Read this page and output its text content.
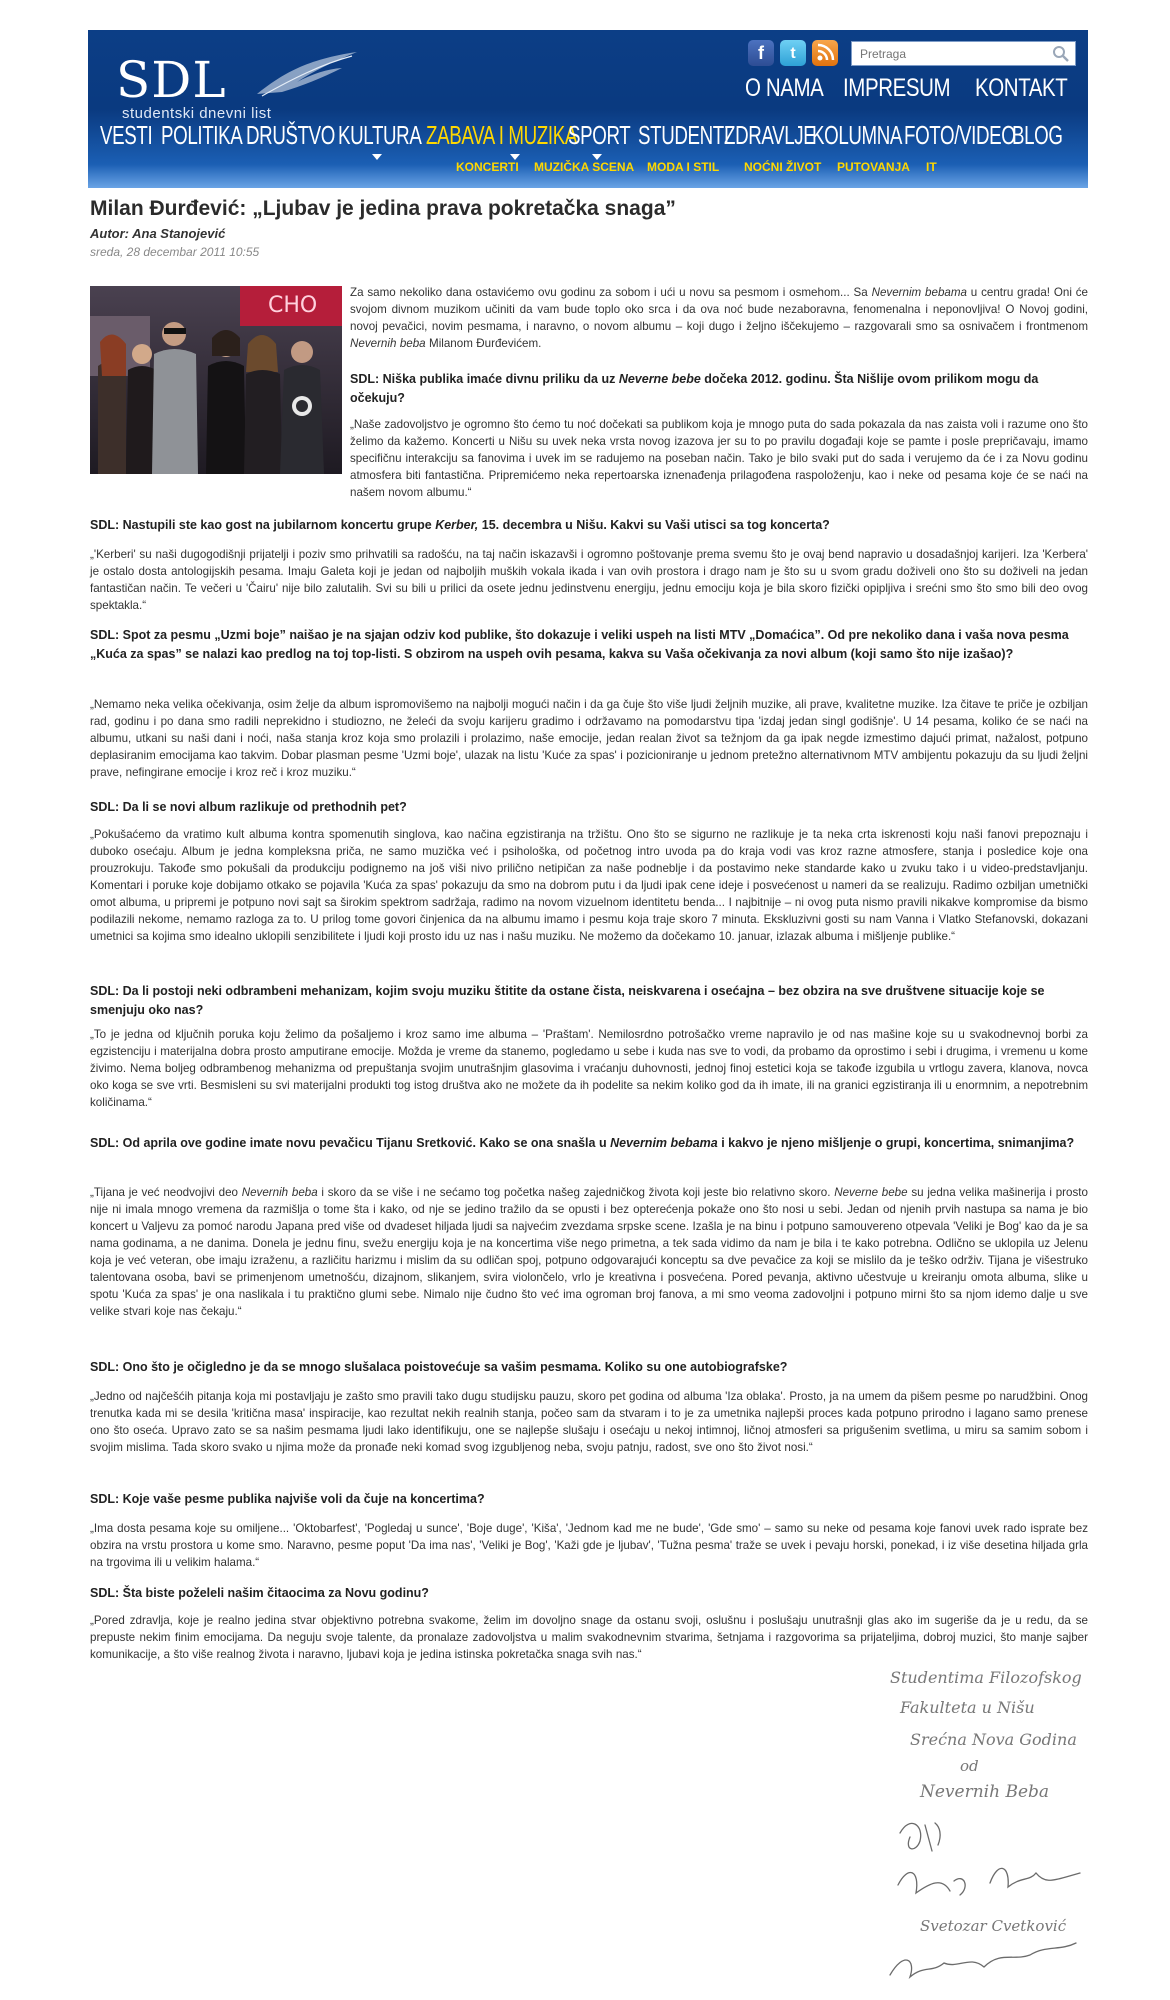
SDL
studentski dnevni list
f	t
Pretraga
O NAMA IMPRESUM KONTAKT
VESTI POLITIKA DRUŠTVO KULTURA ZABAVA I MUZIKA
SPORT STUDENTI
ZDRAVLJE
KOLUMNA FOTO/VIDEO
BLOG
KONCERTI MUZIČKA SCENA MODA I STIL NOĆNI ŽIVOT PUTOVANJA IT
Milan Đurđević: „Ljubav je jedina prava pokretačka snaga”
Autor: Ana Stanojević
sreda, 28 decembar 2011 10:55
CHO

Za samo nekoliko dana ostavićemo ovu godinu za sobom i ući u novu sa pesmom i osmehom... Sa Nevernim bebama u centru grada! Oni će svojom divnom muzikom učiniti da vam bude toplo oko srca i da ova noć bude nezaboravna, fenomenalna i neponovljiva! O Novoj godini, novoj pevačici, novim pesmama, i naravno, o novom albumu – koji dugo i željno iščekujemo – razgovarali smo sa osnivačem i frontmenom Nevernih beba Milanom Đurđevićem.

SDL: Niška publika imaće divnu priliku da uz Neverne bebe dočeka 2012. godinu. Šta Nišlije ovom prilikom mogu da očekuju?

„Naše zadovoljstvo je ogromno što ćemo tu noć dočekati sa publikom koja je mnogo puta do sada pokazala da nas zaista voli i razume ono što želimo da kažemo. Koncerti u Nišu su uvek neka vrsta novog izazova jer su to po pravilu događaji koje se pamte i posle prepričavaju, imamo specifičnu interakciju sa fanovima i uvek im se radujemo na poseban način. Tako je bilo svaki put do sada i verujemo da će i za Novu godinu atmosfera biti fantastična. Pripremićemo neka repertoarska iznenađenja prilagođena raspoloženju, kao i neke od pesama koje će se naći na našem novom albumu.“

SDL: Nastupili ste kao gost na jubilarnom koncertu grupe Kerber, 15. decembra u Nišu. Kakvi su Vaši utisci sa tog koncerta?

„'Kerberi' su naši dugogodišnji prijatelji i poziv smo prihvatili sa radošću, na taj način iskazavši i ogromno poštovanje prema svemu što je ovaj bend napravio u dosadašnjoj karijeri. Iza 'Kerbera' je ostalo dosta antologijskih pesama. Imaju Galeta koji je jedan od najboljih muških vokala ikada i van ovih prostora i drago nam je što su u svom gradu doživeli ono što su doživeli na jedan fantastičan način. Te večeri u 'Čairu' nije bilo zalutalih. Svi su bili u prilici da osete jednu jedinstvenu energiju, jednu emociju koja je bila skoro fizički opipljiva i srećni smo što smo bili deo ovog spektakla.“

SDL: Spot za pesmu „Uzmi boje” naišao je na sjajan odziv kod publike, što dokazuje i veliki uspeh na listi MTV „Domaćica”. Od pre nekoliko dana i vaša nova pesma „Kuća za spas” se nalazi kao predlog na toj top-listi. S obzirom na uspeh ovih pesama, kakva su Vaša očekivanja za novi album (koji samo što nije izašao)?

„Nemamo neka velika očekivanja, osim želje da album ispromovišemo na najbolji mogući način i da ga čuje što više ljudi željnih muzike, ali prave, kvalitetne muzike. Iza čitave te priče je ozbiljan rad, godinu i po dana smo radili neprekidno i studiozno, ne želeći da svoju karijeru gradimo i održavamo na pomodarstvu tipa 'izdaj jedan singl godišnje'. U 14 pesama, koliko će se naći na albumu, utkani su naši dani i noći, naša stanja kroz koja smo prolazili i prolazimo, naše emocije, jedan realan život sa težnjom da ga ipak negde izmestimo dajući primat, nažalost, potpuno deplasiranim emocijama kao takvim. Dobar plasman pesme 'Uzmi boje', ulazak na listu 'Kuće za spas' i pozicioniranje u jednom pretežno alternativnom MTV ambijentu pokazuju da su ljudi željni prave, nefingirane emocije i kroz reč i kroz muziku.“

SDL: Da li se novi album razlikuje od prethodnih pet?

„Pokušaćemo da vratimo kult albuma kontra spomenutih singlova, kao načina egzistiranja na tržištu. Ono što se sigurno ne razlikuje je ta neka crta iskrenosti koju naši fanovi prepoznaju i duboko osećaju. Album je jedna kompleksna priča, ne samo muzička već i psihološka, od početnog intro uvoda pa do kraja vodi vas kroz razne atmosfere, stanja i posledice koje ona prouzrokuju. Takođe smo pokušali da produkciju podignemo na još viši nivo prilično netipičan za naše podneblje i da postavimo neke standarde kako u zvuku tako i u video-predstavljanju. Komentari i poruke koje dobijamo otkako se pojavila 'Kuća za spas' pokazuju da smo na dobrom putu i da ljudi ipak cene ideje i posvećenost u nameri da se realizuju. Radimo ozbiljan umetnički omot albuma, u pripremi je potpuno novi sajt sa širokim spektrom sadržaja, radimo na novom vizuelnom identitetu benda... I najbitnije – ni ovog puta nismo pravili nikakve kompromise da bismo podilazili nekome, nemamo razloga za to. U prilog tome govori činjenica da na albumu imamo i pesmu koja traje skoro 7 minuta. Ekskluzivni gosti su nam Vanna i Vlatko Stefanovski, dokazani umetnici sa kojima smo idealno uklopili senzibilitete i ljudi koji prosto idu uz nas i našu muziku. Ne možemo da dočekamo 10. januar, izlazak albuma i mišljenje publike.“

SDL: Da li postoji neki odbrambeni mehanizam, kojim svoju muziku štitite da ostane čista, neiskvarena i osećajna – bez obzira na sve društvene situacije koje se smenjuju oko nas?

„To je jedna od ključnih poruka koju želimo da pošaljemo i kroz samo ime albuma – 'Praštam'. Nemilosrdno potrošačko vreme napravilo je od nas mašine koje su u svakodnevnoj borbi za egzistenciju i materijalna dobra prosto amputirane emocije. Možda je vreme da stanemo, pogledamo u sebe i kuda nas sve to vodi, da probamo da oprostimo i sebi i drugima, i vremenu u kome živimo. Nema boljeg odbrambenog mehanizma od prepuštanja svojim unutrašnjim glasovima i vraćanju duhovnosti, jednoj finoj estetici koja se takođe izgubila u vrtlogu zavera, klanova, novca oko koga se sve vrti. Besmisleni su svi materijalni produkti tog istog društva ako ne možete da ih podelite sa nekim koliko god da ih imate, ili na granici egzistiranja ili u enormnim, a nepotrebnim količinama.“

SDL: Od aprila ove godine imate novu pevačicu Tijanu Sretković. Kako se ona snašla u Nevernim bebama i kakvo je njeno mišljenje o grupi, koncertima, snimanjima?

„Tijana je već neodvojivi deo Nevernih beba i skoro da se više i ne sećamo tog početka našeg zajedničkog života koji jeste bio relativno skoro. Neverne bebe su jedna velika mašinerija i prosto nije ni imala mnogo vremena da razmišlja o tome šta i kako, od nje se jedino tražilo da se opusti i bez opterećenja pokaže ono što nosi u sebi. Jedan od njenih prvih nastupa sa nama je bio koncert u Valjevu za pomoć narodu Japana pred više od dvadeset hiljada ljudi sa najvećim zvezdama srpske scene. Izašla je na binu i potpuno samouvereno otpevala 'Veliki je Bog' kao da je sa nama godinama, a ne danima. Donela je jednu finu, svežu energiju koja je na koncertima više nego primetna, a tek sada vidimo da nam je bila i te kako potrebna. Odlično se uklopila uz Jelenu koja je već veteran, obe imaju izraženu, a različitu harizmu i mislim da su odličan spoj, potpuno odgovarajući konceptu sa dve pevačice za koji se mislilo da je teško održiv. Tijana je višestruko talentovana osoba, bavi se primenjenom umetnošću, dizajnom, slikanjem, svira violončelo, vrlo je kreativna i posvećena. Pored pevanja, aktivno učestvuje u kreiranju omota albuma, slike u spotu 'Kuća za spas' je ona naslikala i tu praktično glumi sebe. Nimalo nije čudno što već ima ogroman broj fanova, a mi smo veoma zadovoljni i potpuno mirni što sa njom idemo dalje u sve velike stvari koje nas čekaju.“

SDL: Ono što je očigledno je da se mnogo slušalaca poistovećuje sa vašim pesmama. Koliko su one autobiografske?

„Jedno od najčešćih pitanja koja mi postavljaju je zašto smo pravili tako dugu studijsku pauzu, skoro pet godina od albuma 'Iza oblaka'. Prosto, ja na umem da pišem pesme po narudžbini. Onog trenutka kada mi se desila 'kritična masa' inspiracije, kao rezultat nekih realnih stanja, počeo sam da stvaram i to je za umetnika najlepši proces kada potpuno prirodno i lagano samo prenese ono što oseća. Upravo zato se sa našim pesmama ljudi lako identifikuju, one se najlepše slušaju i osećaju u nekoj intimnoj, ličnoj atmosferi sa prigušenim svetlima, u miru sa samim sobom i svojim mislima. Tada skoro svako u njima može da pronađe neki komad svog izgubljenog neba, svoju patnju, radost, sve ono što život nosi.“

SDL: Koje vaše pesme publika najviše voli da čuje na koncertima?

„Ima dosta pesama koje su omiljene... 'Oktobarfest', 'Pogledaj u sunce', 'Boje duge', 'Kiša', 'Jednom kad me ne bude', 'Gde smo' – samo su neke od pesama koje fanovi uvek rado isprate bez obzira na vrstu prostora u kome smo. Naravno, pesme poput 'Da ima nas', 'Veliki je Bog', 'Kaži gde je ljubav', 'Tužna pesma' traže se uvek i pevaju horski, ponekad, i iz više desetina hiljada grla na trgovima ili u velikim halama.“

SDL: Šta biste poželeli našim čitaocima za Novu godinu?

„Pored zdravlja, koje je realno jedina stvar objektivno potrebna svakome, želim im dovoljno snage da ostanu svoji, oslušnu i poslušaju unutrašnji glas ako im sugeriše da je u redu, da se prepuste nekim finim emocijama. Da neguju svoje talente, da pronalaze zadovoljstva u malim svakodnevnim stvarima, šetnjama i razgovorima sa prijateljima, dobroj muzici, što manje sajber komunikacije, a što više realnog života i naravno, ljubavi koja je jedina istinska pokretačka snaga svih nas.“

Studentima Filozofskog
Fakulteta u Nišu
Srećna Nova Godina
od
Nevernih Beba
Svetozar Cvetković
